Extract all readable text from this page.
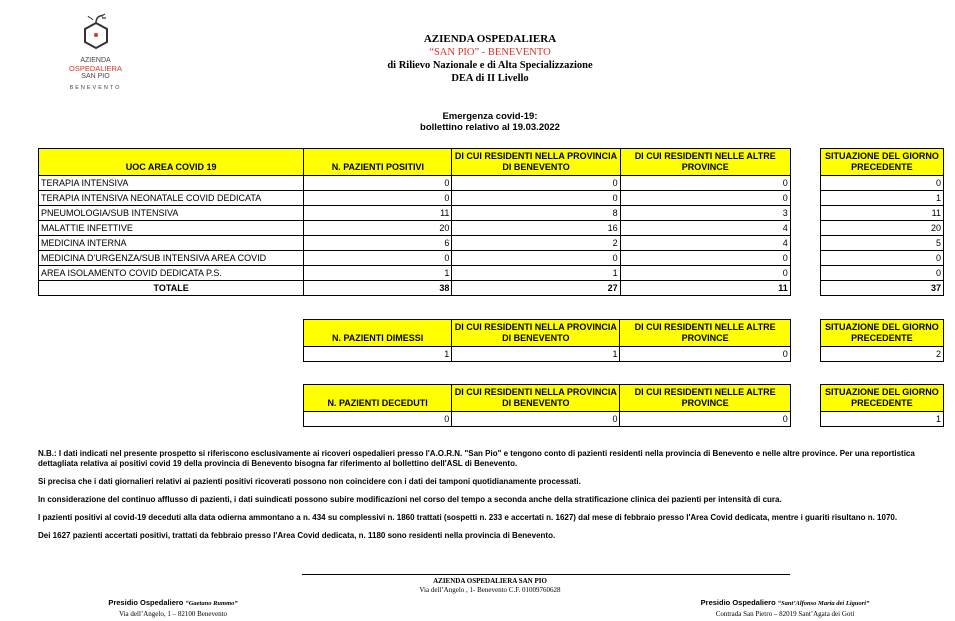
AZIENDA
OSPEDALIERA
SAN PIO
BENEVENTO
AZIENDA OSPEDALIERA
“SAN PIO” - BENEVENTO
di Rilievo Nazionale e di Alta Specializzazione
DEA di II Livello
Emergenza covid-19:
bollettino relativo al 19.03.2022
UOC AREA COVID 19	N. PAZIENTI POSITIVI	DI CUI RESIDENTI NELLA PROVINCIA DI BENEVENTO	DI CUI RESIDENTI NELLE ALTRE PROVINCE		SITUAZIONE DEL GIORNO PRECEDENTE
TERAPIA INTENSIVA	0	0	0		0
TERAPIA INTENSIVA NEONATALE COVID DEDICATA	0	0	0		1
PNEUMOLOGIA/SUB INTENSIVA	11	8	3		11
MALATTIE INFETTIVE	20	16	4		20
MEDICINA INTERNA	6	2	4		5
MEDICINA D'URGENZA/SUB INTENSIVA AREA COVID	0	0	0		0
AREA ISOLAMENTO COVID DEDICATA P.S.	1	1	0		0
TOTALE	38	27	11		37
N. PAZIENTI DIMESSI	DI CUI RESIDENTI NELLA PROVINCIA DI BENEVENTO	DI CUI RESIDENTI NELLE ALTRE PROVINCE		SITUAZIONE DEL GIORNO PRECEDENTE
1	1	0		2
N. PAZIENTI DECEDUTI	DI CUI RESIDENTI NELLA PROVINCIA DI BENEVENTO	DI CUI RESIDENTI NELLE ALTRE PROVINCE		SITUAZIONE DEL GIORNO PRECEDENTE
0	0	0		1

N.B.: I dati indicati nel presente prospetto si riferiscono esclusivamente ai ricoveri ospedalieri presso l'A.O.R.N. "San Pio" e tengono conto di pazienti residenti nella provincia di Benevento e nelle altre province. Per una reportistica dettagliata relativa ai positivi covid 19 della provincia di Benevento bisogna far riferimento al bollettino dell'ASL di Benevento.

Si precisa che i dati giornalieri relativi ai pazienti positivi ricoverati possono non coincidere con i dati dei tamponi quotidianamente processati.

In considerazione del continuo afflusso di pazienti, i dati suindicati possono subire modificazioni nel corso del tempo a seconda anche della stratificazione clinica dei pazienti per intensità di cura.

I pazienti positivi al covid-19 deceduti alla data odierna ammontano a n. 434 su complessivi n. 1860 trattati (sospetti n. 233 e accertati n. 1627) dal mese di febbraio presso l'Area Covid dedicata, mentre i guariti risultano n. 1070.

Dei 1627 pazienti accertati positivi, trattati da febbraio presso l'Area Covid dedicata, n. 1180 sono residenti nella provincia di Benevento.

AZIENDA OSPEDALIERA SAN PIO
Via dell’Angelo , 1- Benevento C.F. 01009760628
Presidio Ospedaliero “Gaetano Rummo”
Via dell’Angelo, 1 – 82100 Benevento
Presidio Ospedaliero “Sant’Alfonso Maria dei Liguori”
Contrada San Pietro – 82019 Sant’Agata dei Goti
